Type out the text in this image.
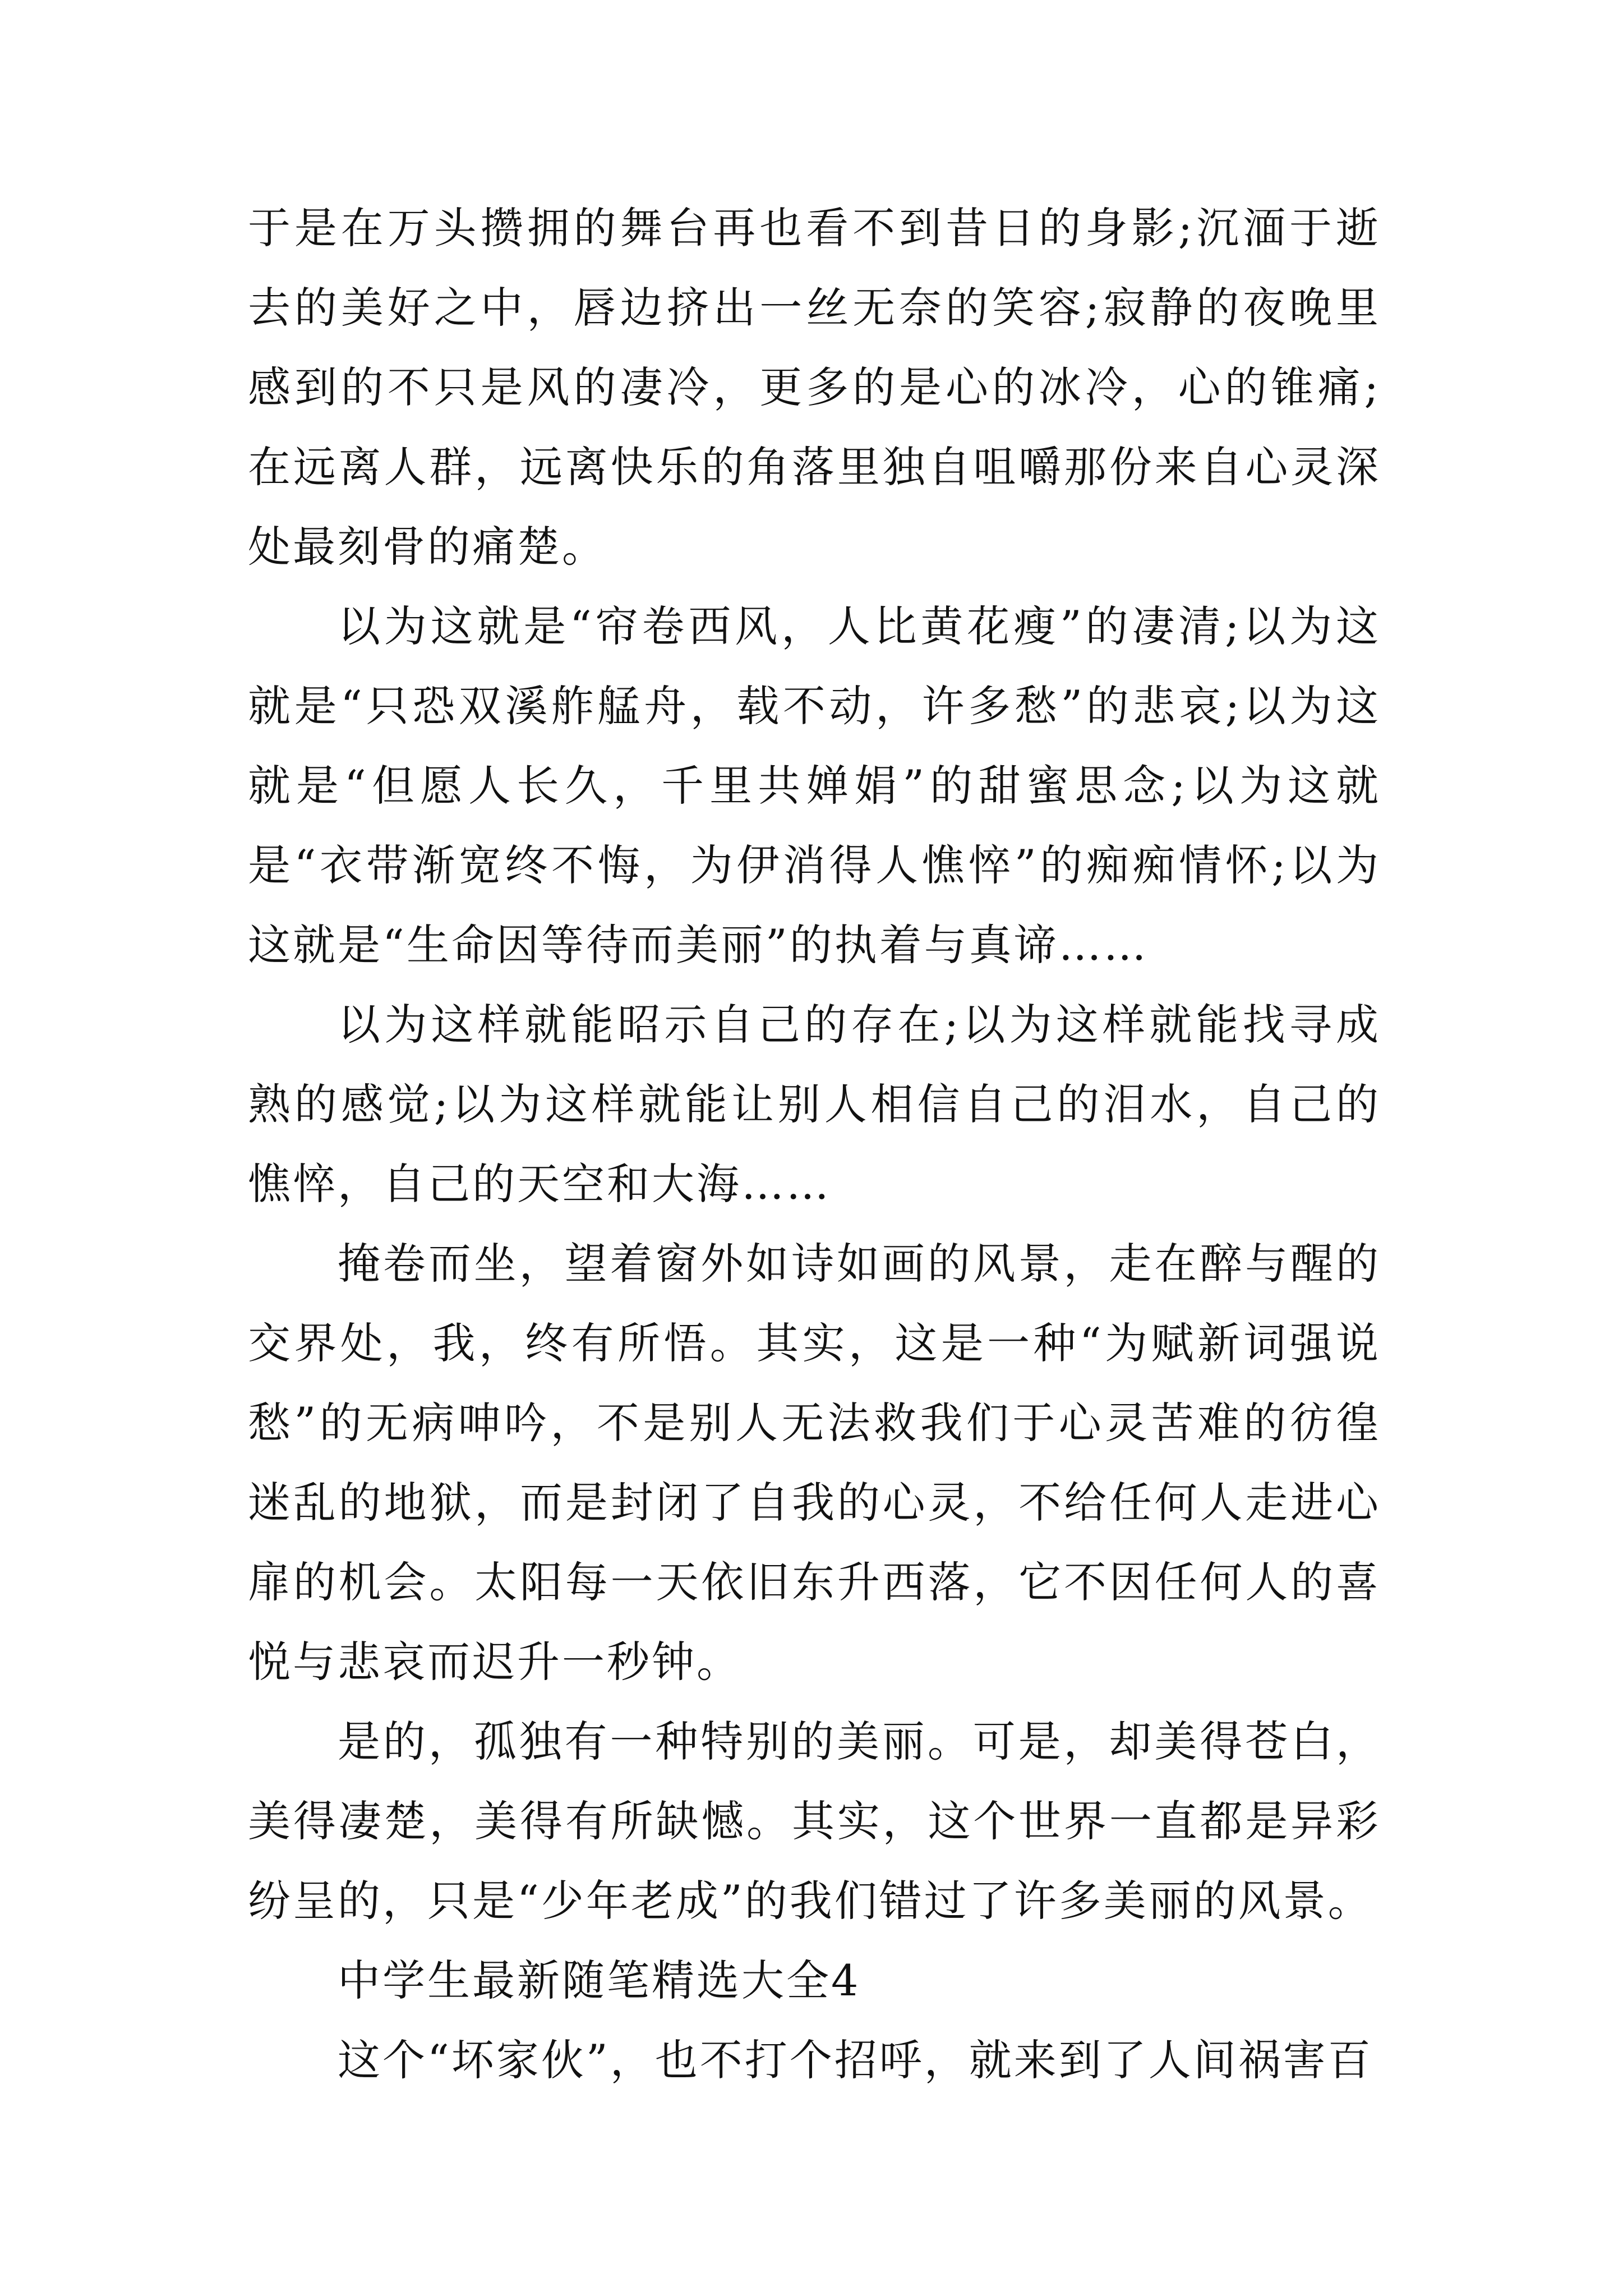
于是在万头攒拥的舞台再也看不到昔日的身影;沉湎于逝去的美好之中，唇边挤出一丝无奈的笑容;寂静的夜晚里感到的不只是风的凄冷，更多的是心的冰冷，心的锥痛;在远离人群，远离快乐的角落里独自咀嚼那份来自心灵深处最刻骨的痛楚。

以为这就是“帘卷西风，人比黄花瘦”的凄清;以为这就是“只恐双溪舴艋舟，载不动，许多愁”的悲哀;以为这就是“但愿人长久，千里共婵娟”的甜蜜思念;以为这就是“衣带渐宽终不悔，为伊消得人憔悴”的痴痴情怀;以为这就是“生命因等待而美丽”的执着与真谛……

以为这样就能昭示自己的存在;以为这样就能找寻成熟的感觉;以为这样就能让别人相信自己的泪水，自己的憔悴，自己的天空和大海……

掩卷而坐，望着窗外如诗如画的风景，走在醉与醒的交界处，我，终有所悟。其实，这是一种“为赋新词强说愁”的无病呻吟，不是别人无法救我们于心灵苦难的彷徨迷乱的地狱，而是封闭了自我的心灵，不给任何人走进心扉的机会。太阳每一天依旧东升西落，它不因任何人的喜悦与悲哀而迟升一秒钟。

是的，孤独有一种特别的美丽。可是，却美得苍白，美得凄楚，美得有所缺憾。其实，这个世界一直都是异彩纷呈的，只是“少年老成”的我们错过了许多美丽的风景。

中学生最新随笔精选大全4

这个“坏家伙”，也不打个招呼，就来到了人间祸害百
